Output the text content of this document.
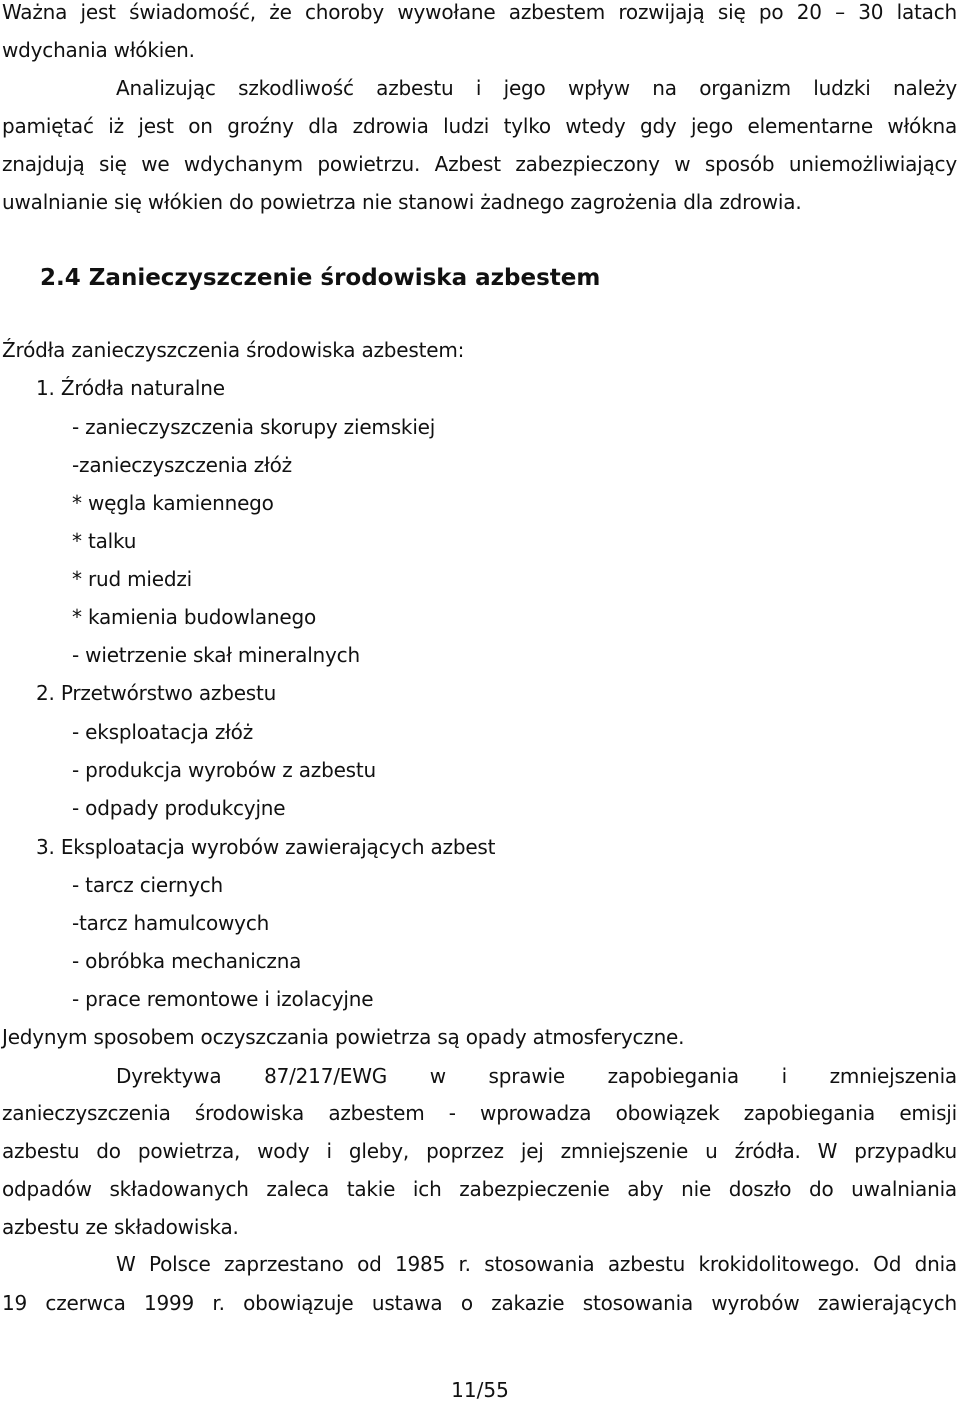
Ważna jest świadomość, że choroby wywołane azbestem rozwijają się po 20 – 30 latach
wdychania włókien.
Analizując szkodliwość azbestu i jego wpływ na organizm ludzki należy
pamiętać iż jest on groźny dla zdrowia ludzi tylko wtedy gdy jego elementarne włókna
znajdują się we wdychanym powietrzu. Azbest zabezpieczony w sposób uniemożliwiający
uwalnianie się włókien do powietrza nie stanowi żadnego zagrożenia dla zdrowia.
2.4 Zanieczyszczenie środowiska azbestem
Źródła zanieczyszczenia środowiska azbestem:
1. Źródła naturalne
- zanieczyszczenia skorupy ziemskiej
-zanieczyszczenia złóż
* węgla kamiennego
* talku
* rud miedzi
* kamienia budowlanego
- wietrzenie skał mineralnych
2. Przetwórstwo azbestu
- eksploatacja złóż
- produkcja wyrobów z azbestu
- odpady produkcyjne
3. Eksploatacja wyrobów zawierających azbest
- tarcz ciernych
-tarcz hamulcowych
- obróbka mechaniczna
- prace remontowe i izolacyjne
Jedynym sposobem oczyszczania powietrza są opady atmosferyczne.
Dyrektywa 87/217/EWG w sprawie zapobiegania i zmniejszenia
zanieczyszczenia środowiska azbestem - wprowadza obowiązek zapobiegania emisji
azbestu do powietrza, wody i gleby, poprzez jej zmniejszenie u źródła. W przypadku
odpadów składowanych zaleca takie ich zabezpieczenie aby nie doszło do uwalniania
azbestu ze składowiska.
W Polsce zaprzestano od 1985 r. stosowania azbestu krokidolitowego. Od dnia
19 czerwca 1999 r. obowiązuje ustawa o zakazie stosowania wyrobów zawierających
11/55
